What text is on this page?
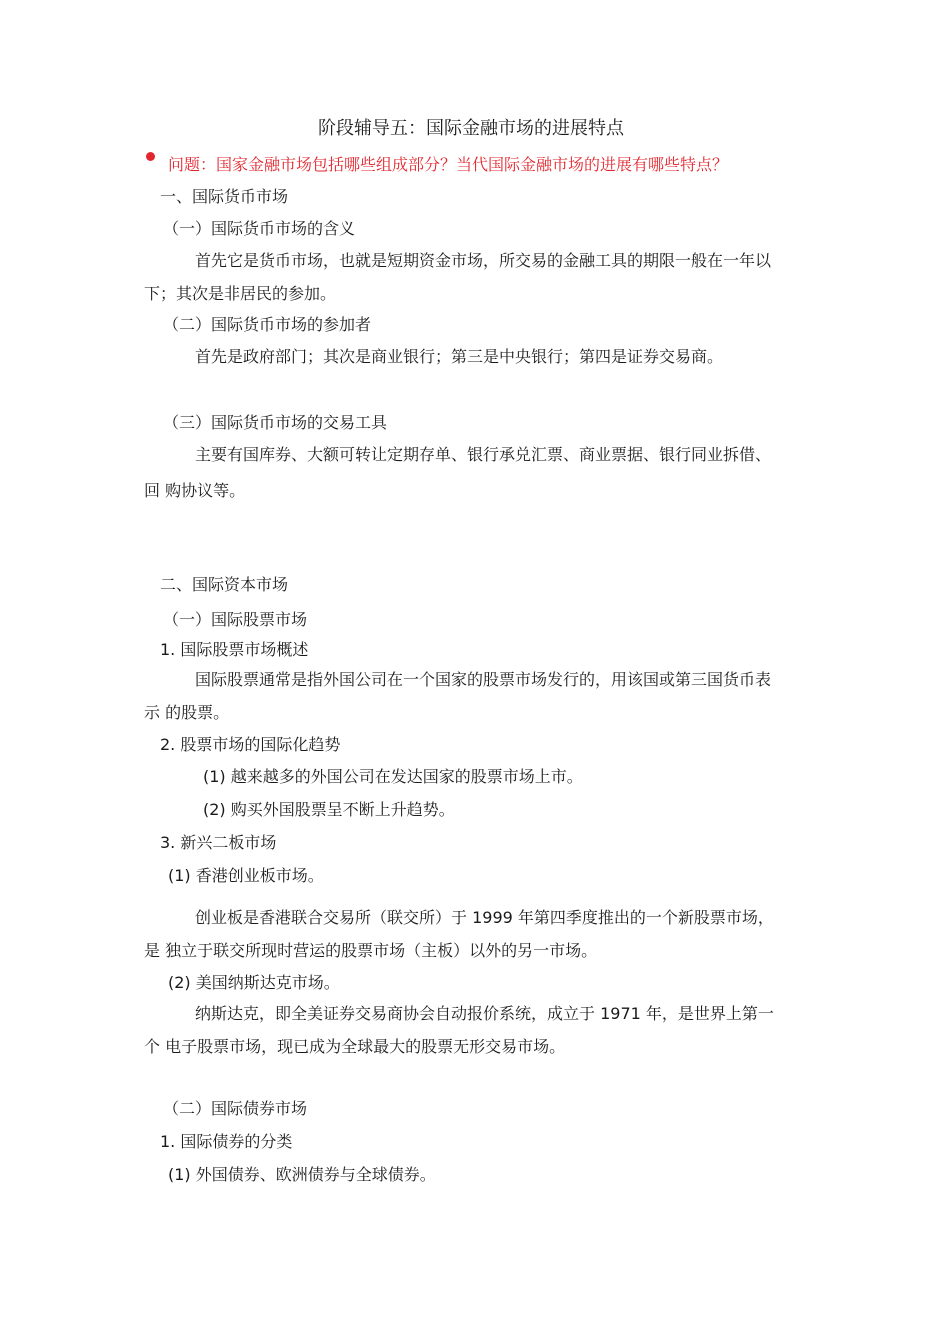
阶段辅导五：国际金融市场的进展特点
问题：国家金融市场包括哪些组成部分？当代国际金融市场的进展有哪些特点？
一、国际货币市场
（一）国际货币市场的含义
首先它是货币市场，也就是短期资金市场，所交易的金融工具的期限一般在一年以
下；其次是非居民的参加。
（二）国际货币市场的参加者
首先是政府部门；其次是商业银行；第三是中央银行；第四是证券交易商。
（三）国际货币市场的交易工具
主要有国库券、大额可转让定期存单、银行承兑汇票、商业票据、银行同业拆借、
回 购协议等。
二、国际资本市场
（一）国际股票市场
1. 国际股票市场概述
国际股票通常是指外国公司在一个国家的股票市场发行的，用该国或第三国货币表
示 的股票。
2. 股票市场的国际化趋势
(1) 越来越多的外国公司在发达国家的股票市场上市。
(2) 购买外国股票呈不断上升趋势。
3. 新兴二板市场
(1) 香港创业板市场。
创业板是香港联合交易所（联交所）于 1999 年第四季度推出的一个新股票市场，
是 独立于联交所现时营运的股票市场（主板）以外的另一市场。
(2) 美国纳斯达克市场。
纳斯达克，即全美证券交易商协会自动报价系统，成立于 1971 年，是世界上第一
个 电子股票市场，现已成为全球最大的股票无形交易市场。
（二）国际债券市场
1. 国际债券的分类
(1) 外国债券、欧洲债券与全球债券。
